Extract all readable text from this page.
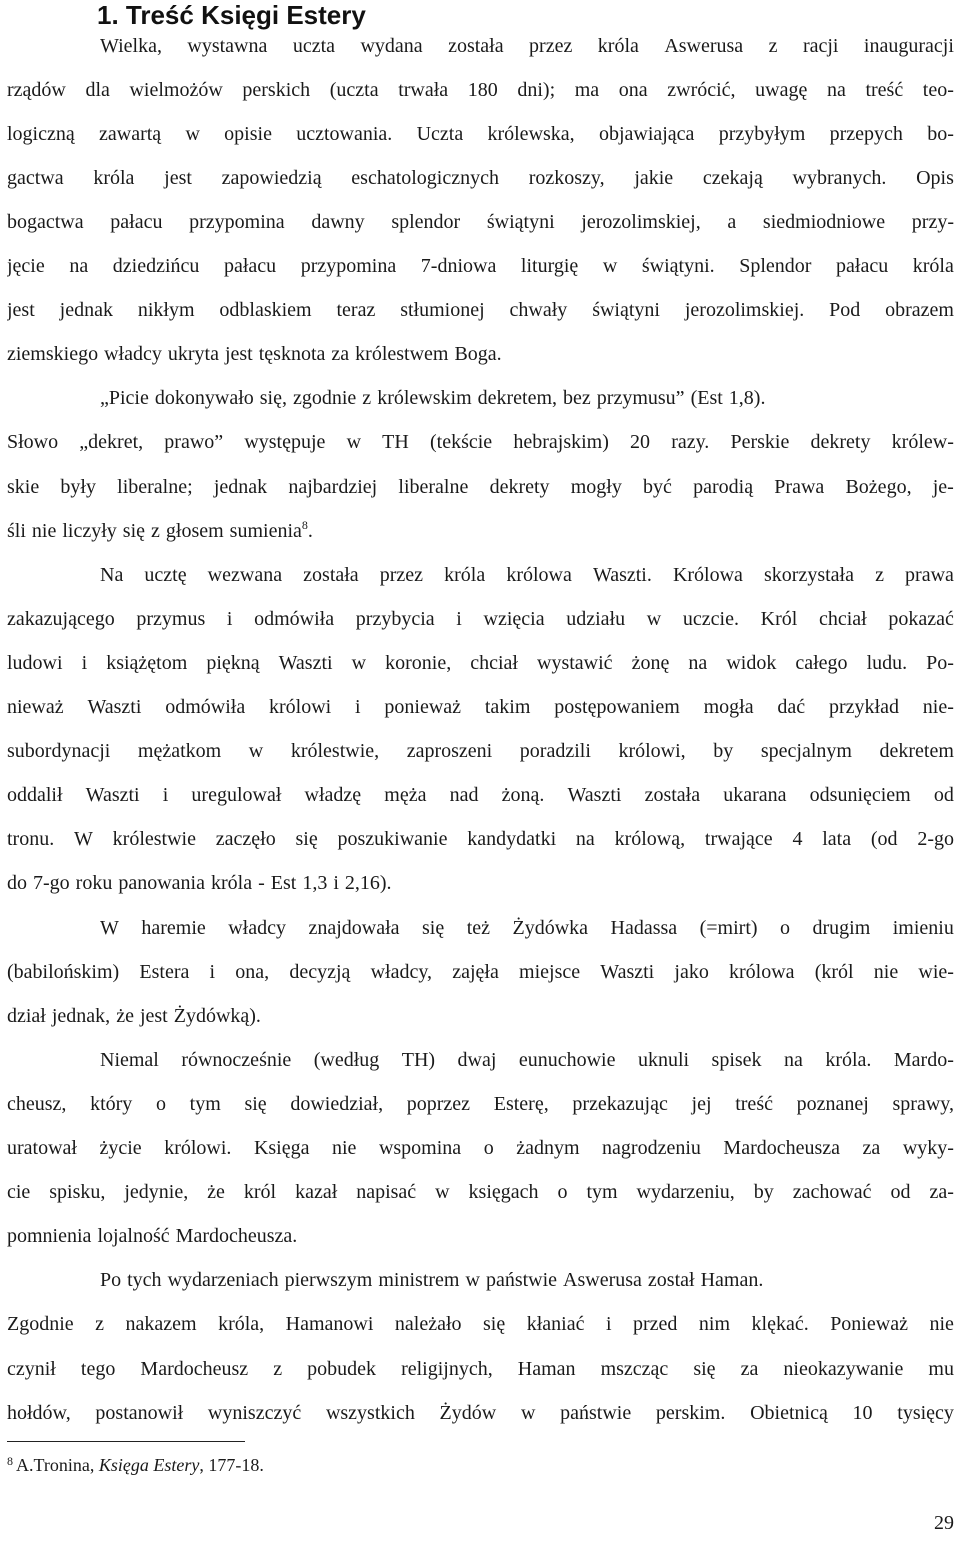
1. Treść Księgi Estery
Wielka, wystawna uczta wydana została przez króla Aswerusa z racji inauguracji
rządów dla wielmożów perskich (uczta trwała 180 dni); ma ona zwrócić, uwagę na treść teo-
logiczną zawartą w opisie ucztowania. Uczta królewska, objawiająca przybyłym przepych bo-
gactwa króla jest zapowiedzią eschatologicznych rozkoszy, jakie czekają wybranych. Opis
bogactwa pałacu przypomina dawny splendor świątyni jerozolimskiej, a siedmiodniowe przy-
jęcie na dziedzińcu pałacu przypomina 7-dniowa liturgię w świątyni. Splendor pałacu króla
jest jednak nikłym odblaskiem teraz stłumionej chwały świątyni jerozolimskiej. Pod obrazem
ziemskiego władcy ukryta jest tęsknota za królestwem Boga.
„Picie dokonywało się, zgodnie z królewskim dekretem, bez przymusu” (Est 1,8).
Słowo „dekret, prawo” występuje w TH (tekście hebrajskim) 20 razy. Perskie dekrety królew-
skie były liberalne; jednak najbardziej liberalne dekrety mogły być parodią Prawa Bożego, je-
śli nie liczyły się z głosem sumienia$^8$.
Na ucztę wezwana została przez króla królowa Waszti. Królowa skorzystała z prawa
zakazującego przymus i odmówiła przybycia i wzięcia udziału w uczcie. Król chciał pokazać
ludowi i książętom piękną Waszti w koronie, chciał wystawić żonę na widok całego ludu. Po-
nieważ Waszti odmówiła królowi i ponieważ takim postępowaniem mogła dać przykład nie-
subordynacji mężatkom w królestwie, zaproszeni poradzili królowi, by specjalnym dekretem
oddalił Waszti i uregulował władzę męża nad żoną. Waszti została ukarana odsunięciem od
tronu. W królestwie zaczęło się poszukiwanie kandydatki na królową, trwające 4 lata (od 2-go
do 7-go roku panowania króla - Est 1,3 i 2,16).
W haremie władcy znajdowała się też Żydówka Hadassa (=mirt) o drugim imieniu
(babilońskim) Estera i ona, decyzją władcy, zajęła miejsce Waszti jako królowa (król nie wie-
dział jednak, że jest Żydówką).
Niemal równocześnie (według TH) dwaj eunuchowie uknuli spisek na króla. Mardo-
cheusz, który o tym się dowiedział, poprzez Esterę, przekazując jej treść poznanej sprawy,
uratował życie królowi. Księga nie wspomina o żadnym nagrodzeniu Mardocheusza za wyky-
cie spisku, jedynie, że król kazał napisać w księgach o tym wydarzeniu, by zachować od za-
pomnienia lojalność Mardocheusza.
Po tych wydarzeniach pierwszym ministrem w państwie Aswerusa został Haman.
Zgodnie z nakazem króla, Hamanowi należało się kłaniać i przed nim klękać. Ponieważ nie
czynił tego Mardocheusz z pobudek religijnych, Haman mszcząc się za nieokazywanie mu
hołdów, postanowił wyniszczyć wszystkich Żydów w państwie perskim. Obietnicą 10 tysięcy
$^8$ A.Tronina, Księga Estery, 177-18.
29
